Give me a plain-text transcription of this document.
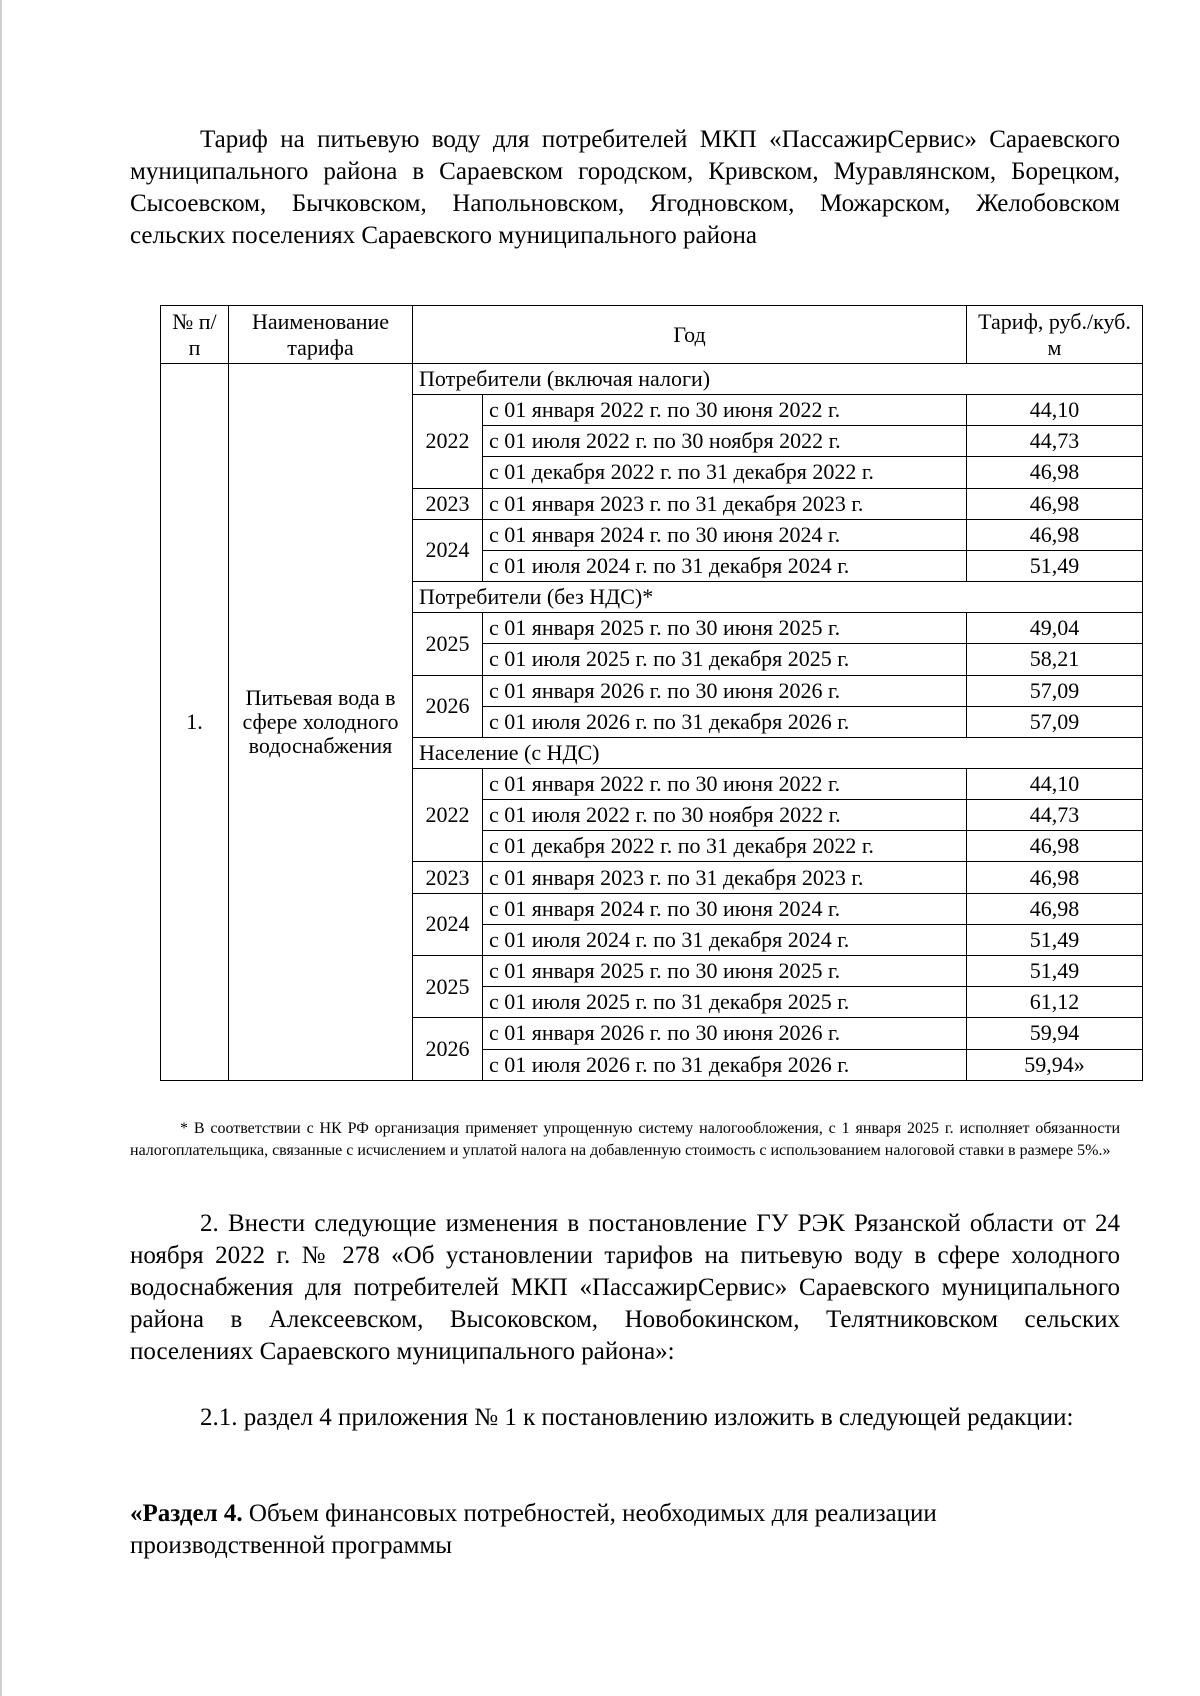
Тариф на питьевую воду для потребителей МКП «ПассажирСервис» Сараевского муниципального района в Сараевском городском, Кривском, Муравлянском, Борецком, Сысоевском, Бычковском, Напольновском, Ягодновском, Можарском, Желобовском сельских поселениях Сараевского муниципального района

№ п/п	Наименование тарифа	Год		Тариф, руб./куб. м
1.	Питьевая вода в сфере холодного водоснабжения	Потребители (включая налоги)		
		2022	с 01 января 2022 г. по 30 июня 2022 г.	44,10
			с 01 июля 2022 г. по 30 ноября 2022 г.	44,73
			с 01 декабря 2022 г. по 31 декабря 2022 г.	46,98
		2023	с 01 января 2023 г. по 31 декабря 2023 г.	46,98
		2024	с 01 января 2024 г. по 30 июня 2024 г.	46,98
			с 01 июля 2024 г. по 31 декабря 2024 г.	51,49
		Потребители (без НДС)*		
		2025	с 01 января 2025 г. по 30 июня 2025 г.	49,04
			с 01 июля 2025 г. по 31 декабря 2025 г.	58,21
		2026	с 01 января 2026 г. по 30 июня 2026 г.	57,09
			с 01 июля 2026 г. по 31 декабря 2026 г.	57,09
		Население (с НДС)		
		2022	с 01 января 2022 г. по 30 июня 2022 г.	44,10
			с 01 июля 2022 г. по 30 ноября 2022 г.	44,73
			с 01 декабря 2022 г. по 31 декабря 2022 г.	46,98
		2023	с 01 января 2023 г. по 31 декабря 2023 г.	46,98
		2024	с 01 января 2024 г. по 30 июня 2024 г.	46,98
			с 01 июля 2024 г. по 31 декабря 2024 г.	51,49
		2025	с 01 января 2025 г. по 30 июня 2025 г.	51,49
			с 01 июля 2025 г. по 31 декабря 2025 г.	61,12
		2026	с 01 января 2026 г. по 30 июня 2026 г.	59,94
			с 01 июля 2026 г. по 31 декабря 2026 г.	59,94»
* В соответствии с НК РФ организация применяет упрощенную систему налогообложения, с 1 января 2025 г. исполняет обязанности налогоплательщика, связанные с исчислением и уплатой налога на добавленную стоимость с использованием налоговой ставки в размере 5%.»

2. Внести следующие изменения в постановление ГУ РЭК Рязанской области от 24 ноября 2022 г. № 278 «Об установлении тарифов на питьевую воду в сфере холодного водоснабжения для потребителей МКП «ПассажирСервис» Сараевского муниципального района в Алексеевском, Высоковском, Новобокинском, Телятниковском сельских поселениях Сараевского муниципального района»:

2.1. раздел 4 приложения № 1 к постановлению изложить в следующей редакции:

«Раздел 4. Объем финансовых потребностей, необходимых для реализации производственной программы
